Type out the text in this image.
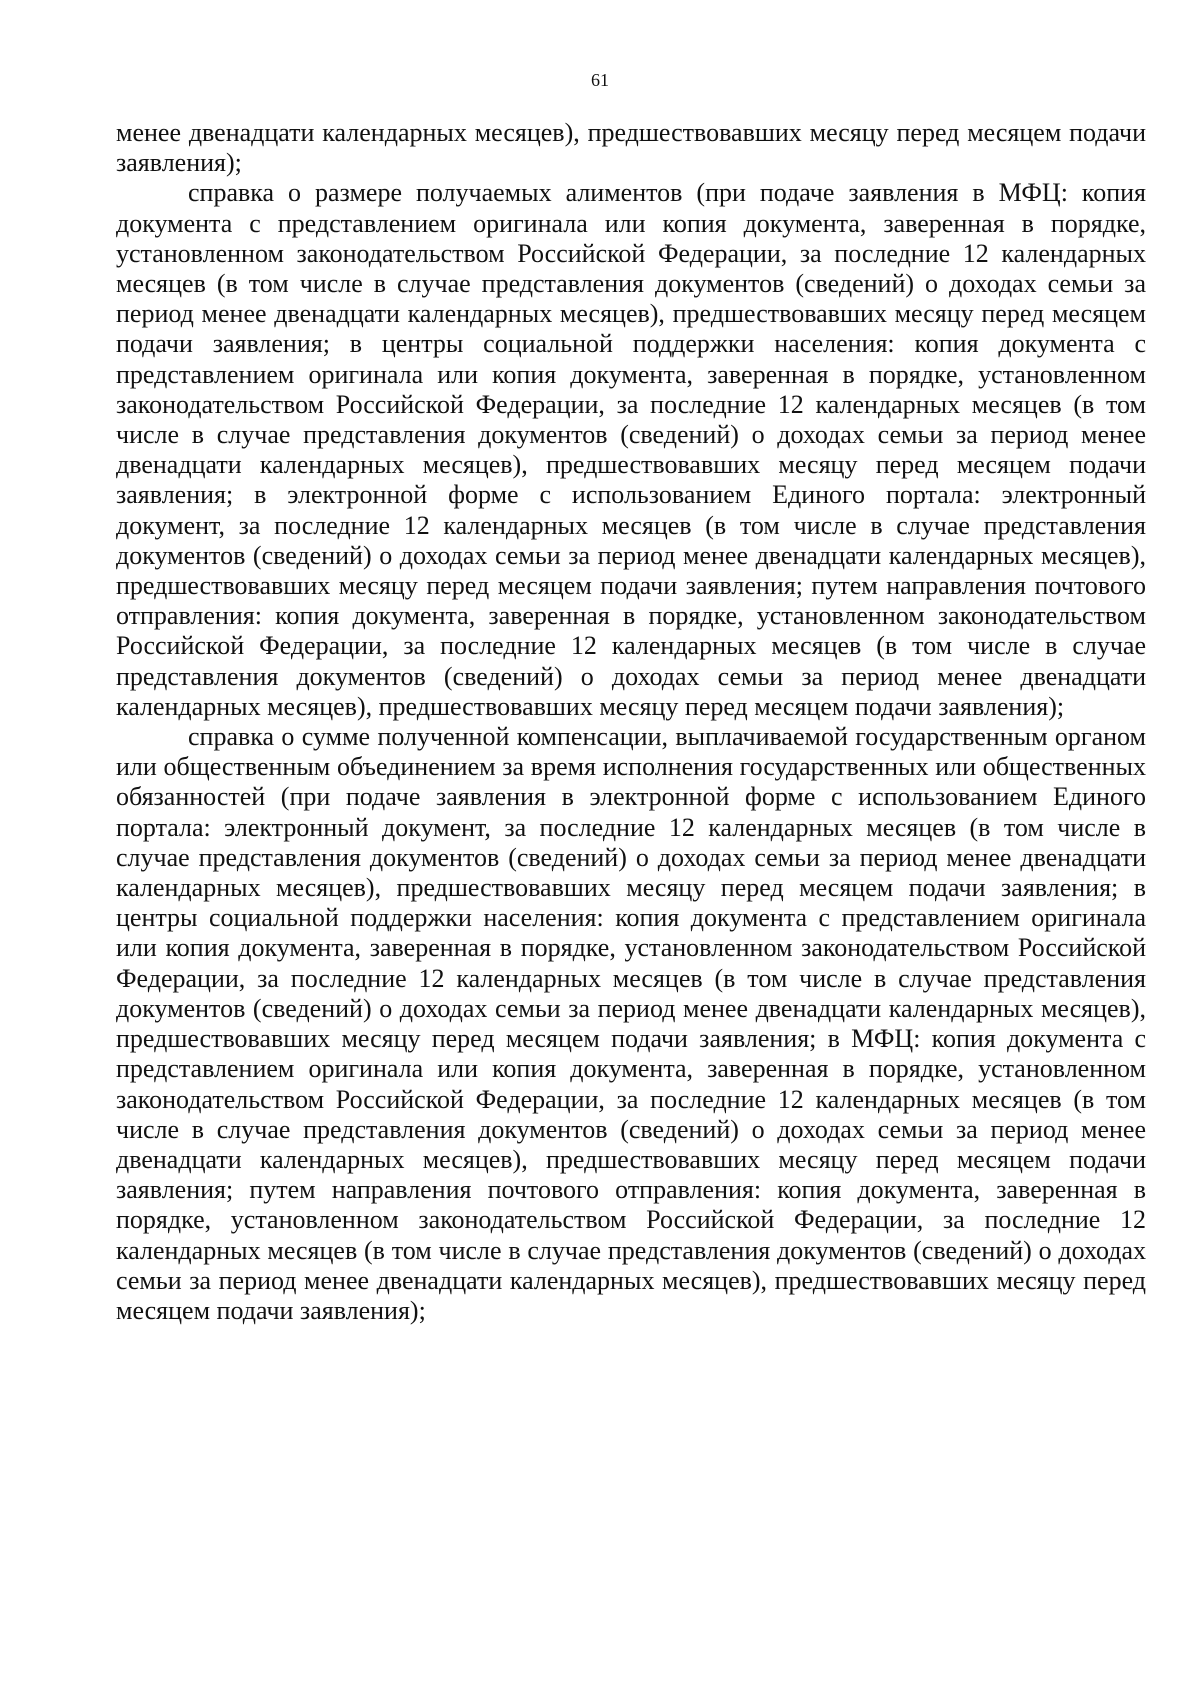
61

менее двенадцати календарных месяцев), предшествовавших месяцу перед месяцем подачи заявления);

справка о размере получаемых алиментов (при подаче заявления в МФЦ: копия документа с представлением оригинала или копия документа, заверенная в порядке, установленном законодательством Российской Федерации, за последние 12 календарных месяцев (в том числе в случае представления документов (сведений) о доходах семьи за период менее двенадцати календарных месяцев), предшествовавших месяцу перед месяцем подачи заявления; в центры социальной поддержки населения: копия документа с представлением оригинала или копия документа, заверенная в порядке, установленном законодательством Российской Федерации, за последние 12 календарных месяцев (в том числе в случае представления документов (сведений) о доходах семьи за период менее двенадцати календарных месяцев), предшествовавших месяцу перед месяцем подачи заявления; в электронной форме с использованием Единого портала: электронный документ, за последние 12 календарных месяцев (в том числе в случае представления документов (сведений) о доходах семьи за период менее двенадцати календарных месяцев), предшествовавших месяцу перед месяцем подачи заявления; путем направления почтового отправления: копия документа, заверенная в порядке, установленном законодательством Российской Федерации, за последние 12 календарных месяцев (в том числе в случае представления документов (сведений) о доходах семьи за период менее двенадцати календарных месяцев), предшествовавших месяцу перед месяцем подачи заявления);

справка о сумме полученной компенсации, выплачиваемой государственным органом или общественным объединением за время исполнения государственных или общественных обязанностей (при подаче заявления в электронной форме с использованием Единого портала: электронный документ, за последние 12 календарных месяцев (в том числе в случае представления документов (сведений) о доходах семьи за период менее двенадцати календарных месяцев), предшествовавших месяцу перед месяцем подачи заявления; в центры социальной поддержки населения: копия документа с представлением оригинала или копия документа, заверенная в порядке, установленном законодательством Российской Федерации, за последние 12 календарных месяцев (в том числе в случае представления документов (сведений) о доходах семьи за период менее двенадцати календарных месяцев), предшествовавших месяцу перед месяцем подачи заявления; в МФЦ: копия документа с представлением оригинала или копия документа, заверенная в порядке, установленном законодательством Российской Федерации, за последние 12 календарных месяцев (в том числе в случае представления документов (сведений) о доходах семьи за период менее двенадцати календарных месяцев), предшествовавших месяцу перед месяцем подачи заявления; путем направления почтового отправления: копия документа, заверенная в порядке, установленном законодательством Российской Федерации, за последние 12 календарных месяцев (в том числе в случае представления документов (сведений) о доходах семьи за период менее двенадцати календарных месяцев), предшествовавших месяцу перед месяцем подачи заявления);
